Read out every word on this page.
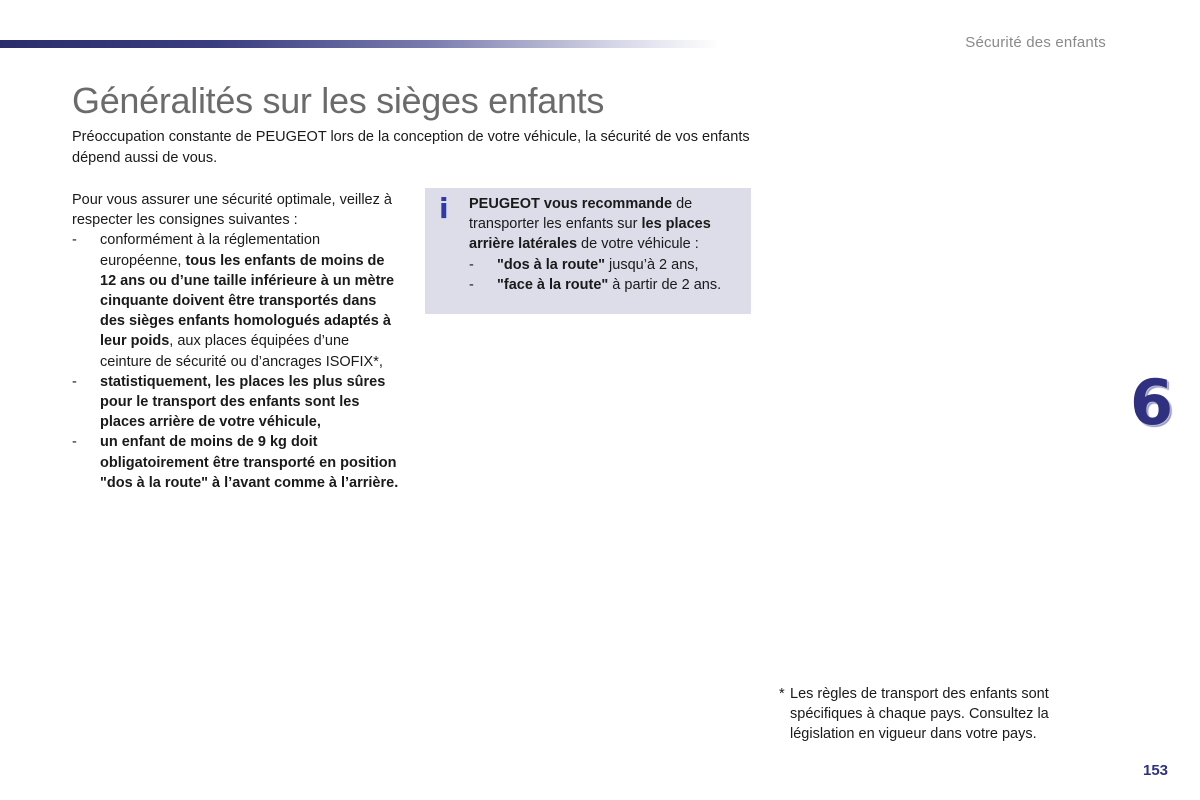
Sécurité des enfants
Généralités sur les sièges enfants

Préoccupation constante de PEUGEOT lors de la conception de votre véhicule, la sécurité de vos enfants dépend aussi de vous.

Pour vous assurer une sécurité optimale, veillez à respecter les consignes suivantes :

- conformément à la réglementation européenne, tous les enfants de moins de 12 ans ou d’une taille inférieure à un mètre cinquante doivent être transportés dans des sièges enfants homologués adaptés à leur poids, aux places équipées d’une ceinture de sécurité ou d’ancrages ISOFIX*,
- statistiquement, les places les plus sûres pour le transport des enfants sont les places arrière de votre véhicule,
- un enfant de moins de 9 kg doit obligatoirement être transporté en position "dos à la route" à l’avant comme à l’arrière.
i PEUGEOT vous recommande de transporter les enfants sur les places arrière latérales de votre véhicule :

- "dos à la route" jusqu’à 2 ans,
- "face à la route" à partir de 2 ans.
6
* Les règles de transport des enfants sont spécifiques à chaque pays. Consultez la législation en vigueur dans votre pays.
153
